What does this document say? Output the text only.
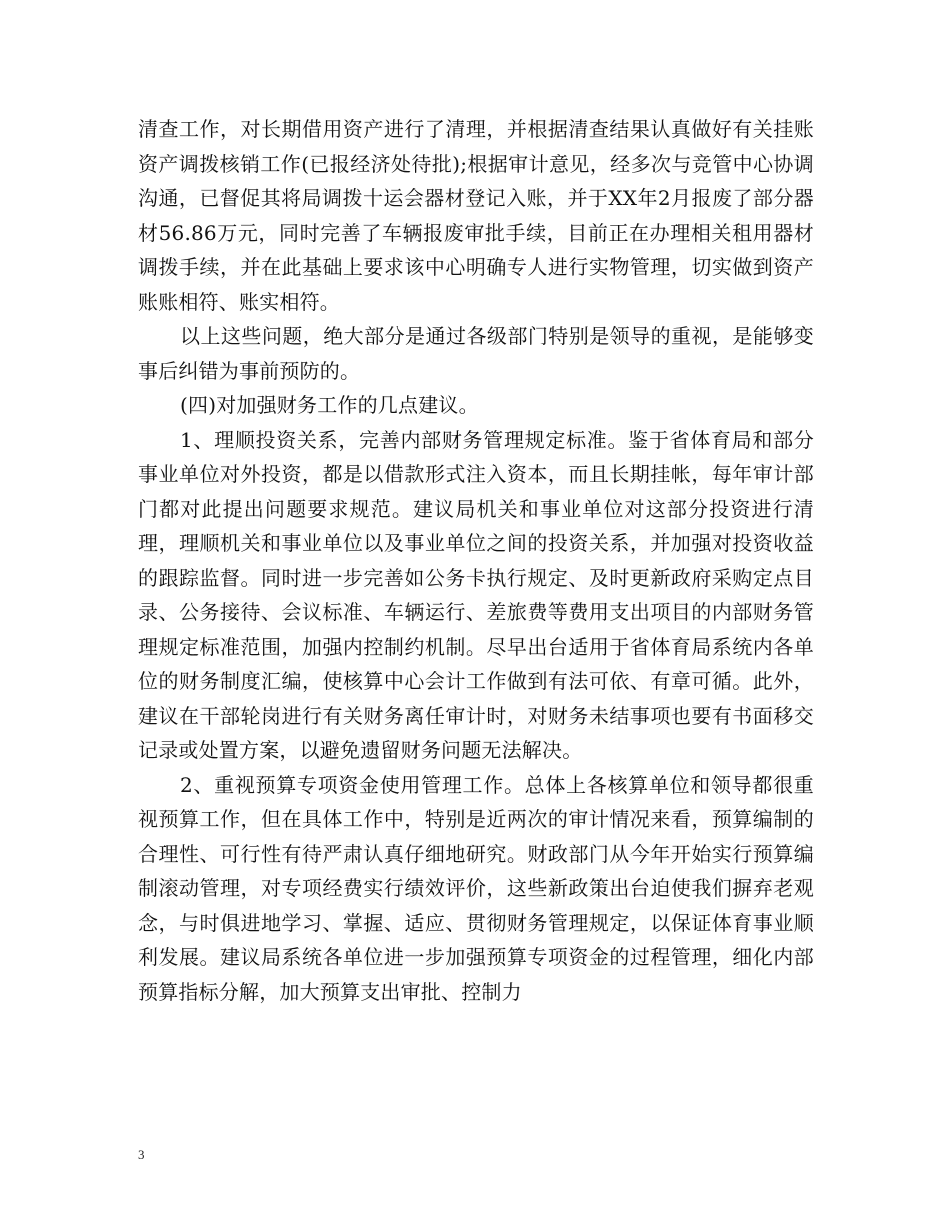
清查工作，对长期借用资产进行了清理，并根据清查结果认真做好有关挂账资产调拨核销工作(已报经济处待批);根据审计意见，经多次与竞管中心协调沟通，已督促其将局调拨十运会器材登记入账，并于XX年2月报废了部分器材56.86万元，同时完善了车辆报废审批手续，目前正在办理相关租用器材调拨手续，并在此基础上要求该中心明确专人进行实物管理，切实做到资产账账相符、账实相符。

以上这些问题，绝大部分是通过各级部门特别是领导的重视，是能够变事后纠错为事前预防的。

(四)对加强财务工作的几点建议。

1、理顺投资关系，完善内部财务管理规定标准。鉴于省体育局和部分事业单位对外投资，都是以借款形式注入资本，而且长期挂帐，每年审计部门都对此提出问题要求规范。建议局机关和事业单位对这部分投资进行清理，理顺机关和事业单位以及事业单位之间的投资关系，并加强对投资收益的跟踪监督。同时进一步完善如公务卡执行规定、及时更新政府采购定点目录、公务接待、会议标准、车辆运行、差旅费等费用支出项目的内部财务管理规定标准范围，加强内控制约机制。尽早出台适用于省体育局系统内各单位的财务制度汇编，使核算中心会计工作做到有法可依、有章可循。此外，建议在干部轮岗进行有关财务离任审计时，对财务未结事项也要有书面移交记录或处置方案，以避免遗留财务问题无法解决。

2、重视预算专项资金使用管理工作。总体上各核算单位和领导都很重视预算工作，但在具体工作中，特别是近两次的审计情况来看，预算编制的合理性、可行性有待严肃认真仔细地研究。财政部门从今年开始实行预算编制滚动管理，对专项经费实行绩效评价，这些新政策出台迫使我们摒弃老观念，与时俱进地学习、掌握、适应、贯彻财务管理规定，以保证体育事业顺利发展。建议局系统各单位进一步加强预算专项资金的过程管理，细化内部预算指标分解，加大预算支出审批、控制力

3
